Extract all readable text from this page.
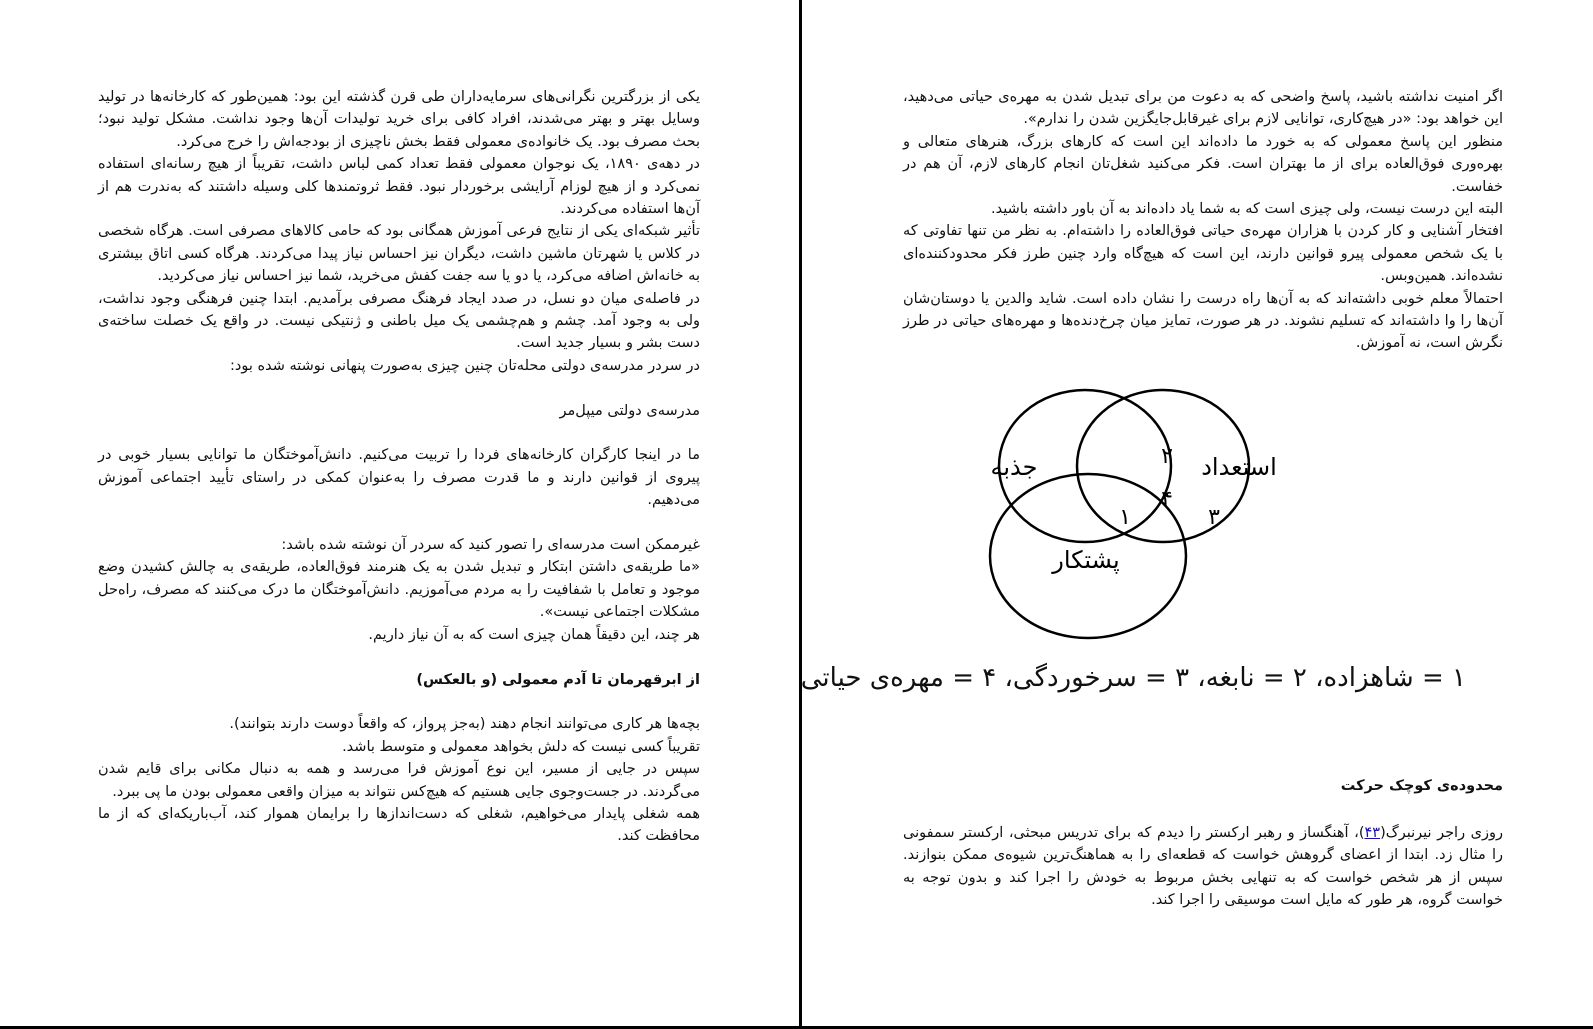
یکی از بزرگترین نگرانی‌های سرمایه‌داران طی قرن گذشته این بود: همین‌طور که کارخانه‌ها در تولید وسایل بهتر و بهتر می‌شدند، افراد کافی برای خرید تولیدات آن‌ها وجود نداشت. مشکل تولید نبود؛ بحث مصرف بود. یک خانواده‌ی معمولی فقط بخش ناچیزی از بودجه‌اش را خرج می‌کرد.

در دهه‌ی ۱۸۹۰، یک نوجوان معمولی فقط تعداد کمی لباس داشت، تقریباً از هیچ رسانه‌ای استفاده نمی‌کرد و از هیچ لوزام آرایشی برخوردار نبود. فقط ثروتمندها کلی وسیله داشتند که به‌ندرت هم از آن‌ها استفاده می‌کردند.

تأثیر شبکه‌ای یکی از نتایج فرعی آموزش همگانی بود که حامی کالاهای مصرفی است. هرگاه شخصی در کلاس یا شهرتان ماشین داشت، دیگران نیز احساس نیاز پیدا می‌کردند. هرگاه کسی اتاق بیشتری به خانه‌اش اضافه می‌کرد، یا دو یا سه جفت کفش می‌خرید، شما نیز احساس نیاز می‌کردید.

در فاصله‌ی میان دو نسل، در صدد ایجاد فرهنگ مصرفی برآمدیم. ابتدا چنین فرهنگی وجود نداشت، ولی به وجود آمد. چشم و هم‌چشمی یک میل باطنی و ژنتیکی نیست. در واقع یک خصلت ساخته‌ی دست بشر و بسیار جدید است.

در سردر مدرسه‌ی دولتی محله‌تان چنین چیزی به‌صورت پنهانی نوشته شده بود:

مدرسه‌ی دولتی میپل‌مر

ما در اینجا کارگران کارخانه‌های فردا را تربیت می‌کنیم. دانش‌آموختگان ما توانایی بسیار خوبی در پیروی از قوانین دارند و ما قدرت مصرف را به‌عنوان کمکی در راستای تأیید اجتماعی آموزش می‌دهیم.

غیرممکن است مدرسه‌ای را تصور کنید که سردر آن نوشته شده باشد:

«ما طریقه‌ی داشتن ابتکار و تبدیل شدن به یک هنرمند فوق‌العاده، طریقه‌ی به چالش کشیدن وضع موجود و تعامل با شفافیت را به مردم می‌آموزیم. دانش‌آموختگان ما درک می‌کنند که مصرف، راه‌حل مشکلات اجتماعی نیست».

هر چند، این دقیقاً همان چیزی است که به آن نیاز داریم.

از ابرقهرمان تا آدم معمولی (و بالعکس)

بچه‌ها هر کاری می‌توانند انجام دهند (به‌جز پرواز، که واقعاً دوست دارند بتوانند).

تقریباً کسی نیست که دلش بخواهد معمولی و متوسط باشد.

سپس در جایی از مسیر، این نوع آموزش فرا می‌رسد و همه به دنبال مکانی برای قایم شدن می‌گردند. در جست‌وجوی جایی هستیم که هیچ‌کس نتواند به میزان واقعی معمولی بودن ما پی ببرد.

همه شغلی پایدار می‌خواهیم، شغلی که دست‌اندازها را برایمان هموار کند، آب‌باریکه‌ای که از ما محافظت کند.

اگر امنیت نداشته باشید، پاسخ واضحی که به دعوت من برای تبدیل شدن به مهره‌ی حیاتی می‌دهید، این خواهد بود: «در هیچ‌کاری، توانایی لازم برای غیرقابل‌جایگزین شدن را ندارم».

منظور این پاسخ معمولی که به خورد ما داده‌اند این است که کارهای بزرگ، هنرهای متعالی و بهره‌وری فوق‌العاده برای از ما بهتران است. فکر می‌کنید شغل‌تان انجام کارهای لازم، آن هم در خفاست.

البته این درست نیست، ولی چیزی است که به شما یاد داده‌اند به آن باور داشته باشید.

افتخار آشنایی و کار کردن با هزاران مهره‌ی حیاتی فوق‌العاده را داشته‌ام. به نظر من تنها تفاوتی که با یک شخص معمولی پیرو قوانین دارند، این است که هیچ‌گاه وارد چنین طرز فکر محدودکننده‌ای نشده‌اند. همین‌وبس.

احتمالاً معلم خوبی داشته‌اند که به آن‌ها راه درست را نشان داده است. شاید والدین یا دوستان‌شان آن‌ها را وا داشته‌اند که تسلیم نشوند. در هر صورت، تمایز میان چرخ‌دنده‌ها و مهره‌های حیاتی در طرز نگرش است، نه آموزش.

جذبه	استعداد
پشتکار
۲
۴
۱	۳
۱ = شاهزاده، ۲ = نابغه، ۳ = سرخوردگی، ۴ = مهره‌ی حیاتی
محدوده‌ی کوچک حرکت

روزی راجر نیرنبرگ(۴۳)، آهنگساز و رهبر ارکستر را دیدم که برای تدریس مبحثی، ارکستر سمفونی را مثال زد. ابتدا از اعضای گروهش خواست که قطعه‌ای را به هماهنگ‌ترین شیوه‌ی ممکن بنوازند. سپس از هر شخص خواست که به تنهایی بخش مربوط به خودش را اجرا کند و بدون توجه به خواست گروه، هر طور که مایل است موسیقی را اجرا کند.
